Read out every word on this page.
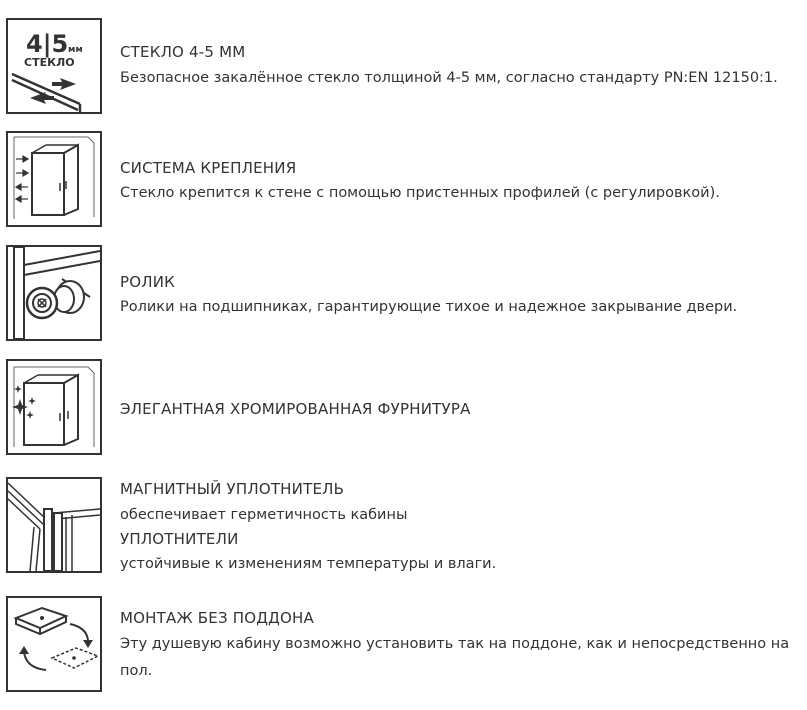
4|5 мм
СТЕКЛО
СТЕКЛО 4-5 ММ
Безопасное закалённое стекло толщиной 4-5 мм, согласно стандарту PN:EN 12150:1.
СИСТЕМА КРЕПЛЕНИЯ
Стекло крепится к стене с помощью пристенных профилей (с регулировкой).
РОЛИК
Ролики на подшипниках, гарантирующие тихое и надежное закрывание двери.
ЭЛЕГАНТНАЯ ХРОМИРОВАННАЯ ФУРНИТУРА
МАГНИТНЫЙ УПЛОТНИТЕЛЬ
обеспечивает герметичность кабины
УПЛОТНИТЕЛИ
устойчивые к изменениям температуры и влаги.
МОНТАЖ БЕЗ ПОДДОНА
Эту душевую кабину возможно установить так на поддоне, как и непосредственно на пол.
